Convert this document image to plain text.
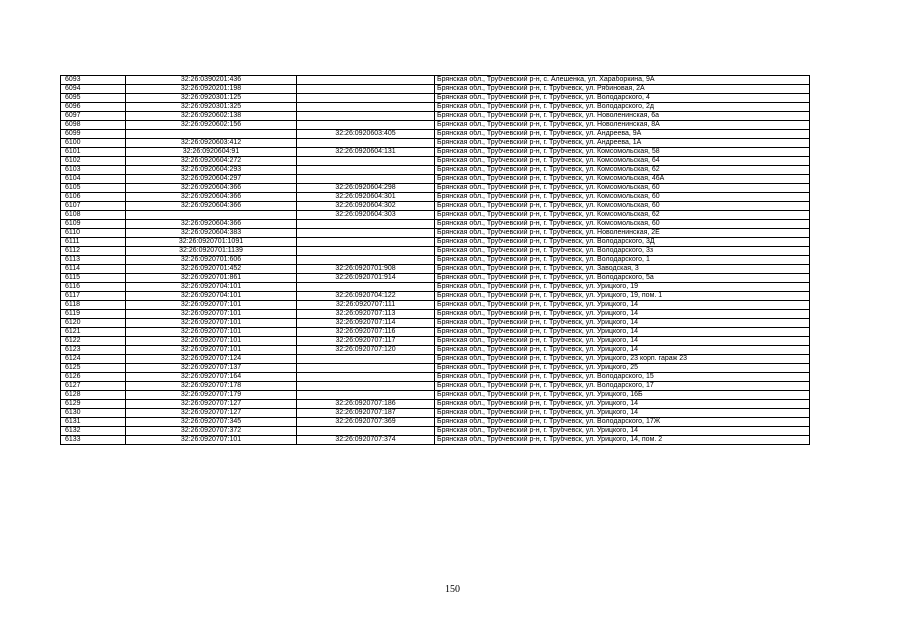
6093	32:26:0390201:436		Брянская обл., Трубчевский р-н, с. Алешенка, ул. Хараборкина, 9А
6094	32:26:0920201:198		Брянская обл., Трубчевский р-н, г. Трубчевск, ул. Рябиновая, 2А
6095	32:26:0920301:125		Брянская обл., Трубчевский р-н, г. Трубчевск, ул. Володарского, 4
6096	32:26:0920301:325		Брянская обл., Трубчевский р-н, г. Трубчевск, ул. Володарского, 2д
6097	32:26:0920602:138		Брянская обл., Трубчевский р-н, г. Трубчевск, ул. Новоленинская, 6а
6098	32:26:0920602:156		Брянская обл., Трубчевский р-н, г. Трубчевск, ул. Новоленинская, 8А
6099		32:26:0920603:405	Брянская обл., Трубчевский р-н, г. Трубчевск, ул. Андреева, 9А
6100	32:26:0920603:412		Брянская обл., Трубчевский р-н, г. Трубчевск, ул. Андреева, 1А
6101	32:26:0920604:91	32:26:0920604:131	Брянская обл., Трубчевский р-н, г. Трубчевск, ул. Комсомольская, 58
6102	32:26:0920604:272		Брянская обл., Трубчевский р-н, г. Трубчевск, ул. Комсомольская, 64
6103	32:26:0920604:293		Брянская обл., Трубчевский р-н, г. Трубчевск, ул. Комсомольская, 62
6104	32:26:0920604:297		Брянская обл., Трубчевский р-н, г. Трубчевск, ул. Комсомольская, 46А
6105	32:26:0920604:366	32:26:0920604:298	Брянская обл., Трубчевский р-н, г. Трубчевск, ул. Комсомольская, 60
6106	32:26:0920604:366	32:26:0920604:301	Брянская обл., Трубчевский р-н, г. Трубчевск, ул. Комсомольская, 60
6107	32:26:0920604:366	32:26:0920604:302	Брянская обл., Трубчевский р-н, г. Трубчевск, ул. Комсомольская, 60
6108		32:26:0920604:303	Брянская обл., Трубчевский р-н, г. Трубчевск, ул. Комсомольская, 62
6109	32:26:0920604:366		Брянская обл., Трубчевский р-н, г. Трубчевск, ул. Комсомольская, 60
6110	32:26:0920604:383		Брянская обл., Трубчевский р-н, г. Трубчевск, ул. Новоленинская, 2Е
6111	32:26:0920701:1091		Брянская обл., Трубчевский р-н, г. Трубчевск, ул. Володарского, 3Д
6112	32:26:0920701:1139		Брянская обл., Трубчевский р-н, г. Трубчевск, ул. Володарского, 3з
6113	32:26:0920701:606		Брянская обл., Трубчевский р-н, г. Трубчевск, ул. Володарского, 1
6114	32:26:0920701:452	32:26:0920701:908	Брянская обл., Трубчевский р-н, г. Трубчевск, ул. Заводская, 3
6115	32:26:0920701:861	32:26:0920701:914	Брянская обл., Трубчевский р-н, г. Трубчевск, ул. Володарского, 5а
6116	32:26:0920704:101		Брянская обл., Трубчевский р-н, г. Трубчевск, ул. Урицкого, 19
6117	32:26:0920704:101	32:26:0920704:122	Брянская обл., Трубчевский р-н, г. Трубчевск, ул. Урицкого, 19, пом. 1
6118	32:26:0920707:101	32:26:0920707:111	Брянская обл., Трубчевский р-н, г. Трубчевск, ул. Урицкого, 14
6119	32:26:0920707:101	32:26:0920707:113	Брянская обл., Трубчевский р-н, г. Трубчевск, ул. Урицкого, 14
6120	32:26:0920707:101	32:26:0920707:114	Брянская обл., Трубчевский р-н, г. Трубчевск, ул. Урицкого, 14
6121	32:26:0920707:101	32:26:0920707:116	Брянская обл., Трубчевский р-н, г. Трубчевск, ул. Урицкого, 14
6122	32:26:0920707:101	32:26:0920707:117	Брянская обл., Трубчевский р-н, г. Трубчевск, ул. Урицкого, 14
6123	32:26:0920707:101	32:26:0920707:120	Брянская обл., Трубчевский р-н, г. Трубчевск, ул. Урицкого, 14
6124	32:26:0920707:124		Брянская обл., Трубчевский р-н, г. Трубчевск, ул. Урицкого, 23 корп. гараж 23
6125	32:26:0920707:137		Брянская обл., Трубчевский р-н, г. Трубчевск, ул. Урицкого, 25
6126	32:26:0920707:164		Брянская обл., Трубчевский р-н, г. Трубчевск, ул. Володарского, 15
6127	32:26:0920707:178		Брянская обл., Трубчевский р-н, г. Трубчевск, ул. Володарского, 17
6128	32:26:0920707:179		Брянская обл., Трубчевский р-н, г. Трубчевск, ул. Урицкого, 16Б
6129	32:26:0920707:127	32:26:0920707:186	Брянская обл., Трубчевский р-н, г. Трубчевск, ул. Урицкого, 14
6130	32:26:0920707:127	32:26:0920707:187	Брянская обл., Трубчевский р-н, г. Трубчевск, ул. Урицкого, 14
6131	32:26:0920707:345	32:26:0920707:369	Брянская обл., Трубчевский р-н, г. Трубчевск, ул. Володарского, 17Ж
6132	32:26:0920707:372		Брянская обл., Трубчевский р-н, г. Трубчевск, ул. Урицкого, 14
6133	32:26:0920707:101	32:26:0920707:374	Брянская обл., Трубчевский р-н, г. Трубчевск, ул. Урицкого, 14, пом. 2
150
